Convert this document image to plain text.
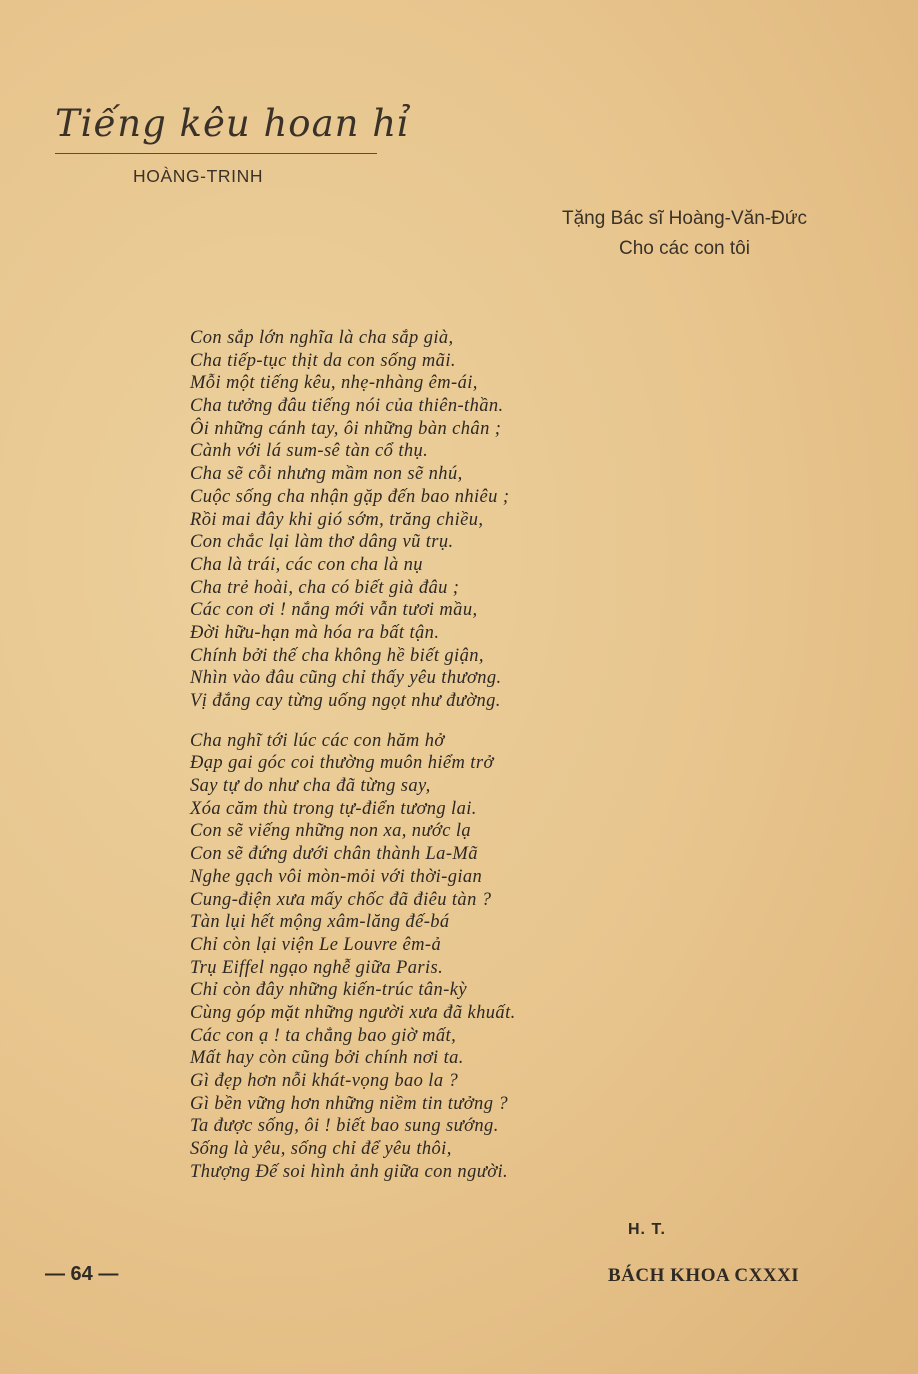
Tiếng kêu hoan hỉ
HOÀNG-TRINH
Tặng Bác sĩ Hoàng-Văn-Đức
Cho các con tôi
Con sắp lớn nghĩa là cha sắp già,
Cha tiếp-tục thịt da con sống mãi.
Mỗi một tiếng kêu, nhẹ-nhàng êm-ái,
Cha tưởng đâu tiếng nói của thiên-thần.
Ôi những cánh tay, ôi những bàn chân ;
Cành với lá sum-sê tàn cổ thụ.
Cha sẽ cỗi nhưng mầm non sẽ nhú,
Cuộc sống cha nhận gặp đến bao nhiêu ;
Rồi mai đây khi gió sớm, trăng chiều,
Con chắc lại làm thơ dâng vũ trụ.
Cha là trái, các con cha là nụ
Cha trẻ hoài, cha có biết già đâu ;
Các con ơi ! nắng mới vẫn tươi mầu,
Đời hữu-hạn mà hóa ra bất tận.
Chính bởi thế cha không hề biết giận,
Nhìn vào đâu cũng chỉ thấy yêu thương.
Vị đắng cay từng uống ngọt như đường.
Cha nghĩ tới lúc các con hăm hở
Đạp gai góc coi thường muôn hiểm trở
Say tự do như cha đã từng say,
Xóa căm thù trong tự-điển tương lai.
Con sẽ viếng những non xa, nước lạ
Con sẽ đứng dưới chân thành La-Mã
Nghe gạch vôi mòn-mỏi với thời-gian
Cung-điện xưa mấy chốc đã điêu tàn ?
Tàn lụi hết mộng xâm-lăng đế-bá
Chỉ còn lại viện Le Louvre êm-ả
Trụ Eiffel ngạo nghễ giữa Paris.
Chỉ còn đây những kiến-trúc tân-kỳ
Cùng góp mặt những người xưa đã khuất.
Các con ạ ! ta chẳng bao giờ mất,
Mất hay còn cũng bởi chính nơi ta.
Gì đẹp hơn nỗi khát-vọng bao la ?
Gì bền vững hơn những niềm tin tưởng ?
Ta được sống, ôi ! biết bao sung sướng.
Sống là yêu, sống chỉ để yêu thôi,
Thượng Đế soi hình ảnh giữa con người.
H. T.
— 64 —	BÁCH KHOA CXXXI
